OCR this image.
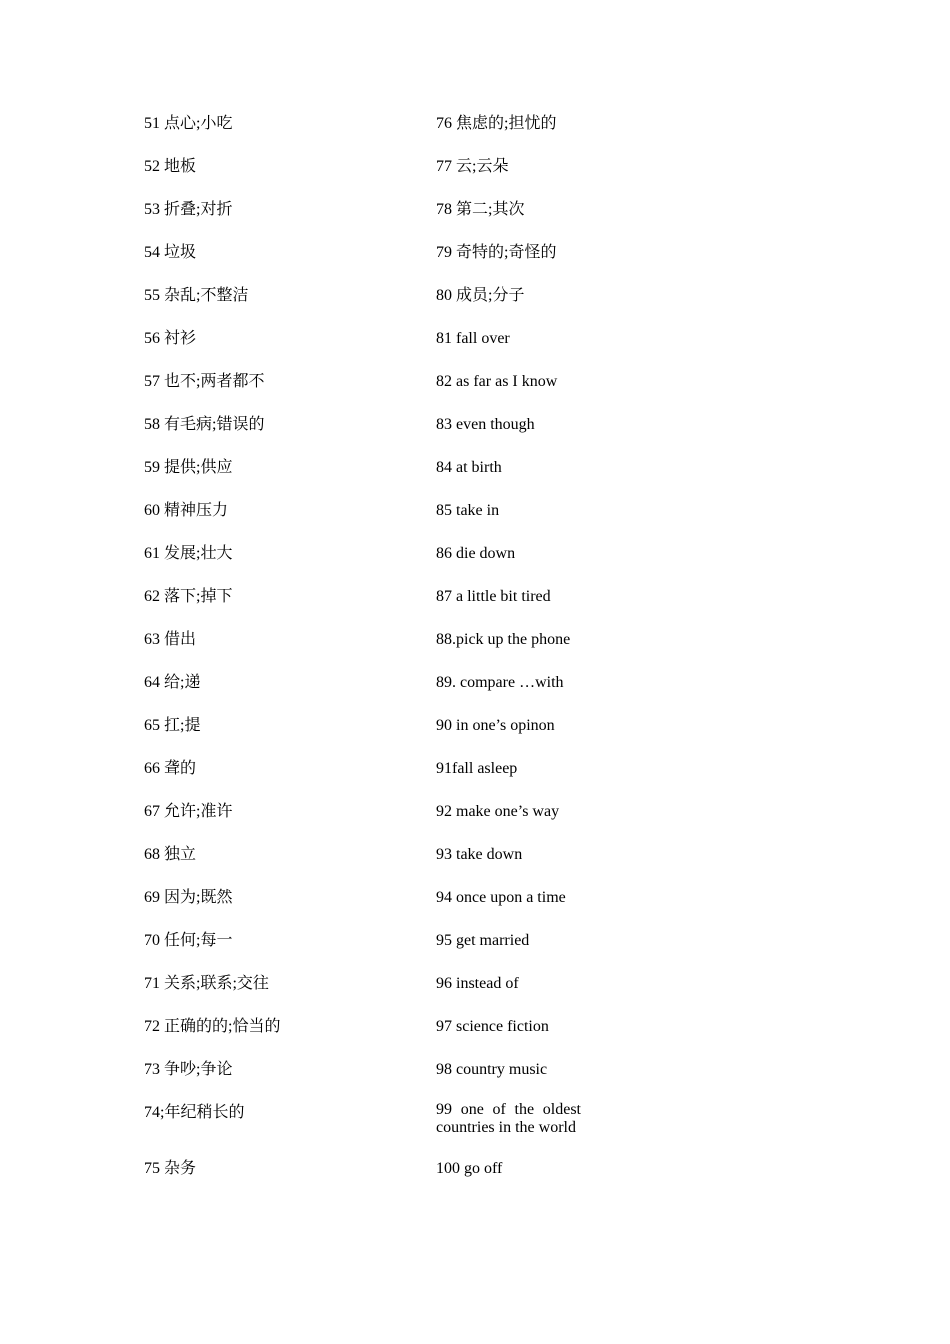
51 点心;小吃
52 地板
53 折叠;对折
54 垃圾
55 杂乱;不整洁
56 衬衫
57 也不;两者都不
58 有毛病;错误的
59 提供;供应
60 精神压力
61 发展;壮大
62 落下;掉下
63 借出
64 给;递
65 扛;提
66 聋的
67 允许;准许
68 独立
69 因为;既然
70 任何;每一
71 关系;联系;交往
72 正确的的;恰当的
73 争吵;争论
74;年纪稍长的
75 杂务
76 焦虑的;担忧的
77 云;云朵
78 第二;其次
79 奇特的;奇怪的
80 成员;分子
81 fall over
82 as far as I know
83 even though
84 at birth
85 take in
86 die down
87 a little bit tired
88.pick up the phone
89. compare …with
90 in one’s opinon
91fall asleep
92 make one’s way
93 take down
94 once upon a time
95 get married
96 instead of
97 science fiction
98 country music
99 one of the oldest countries in the world
100 go off
